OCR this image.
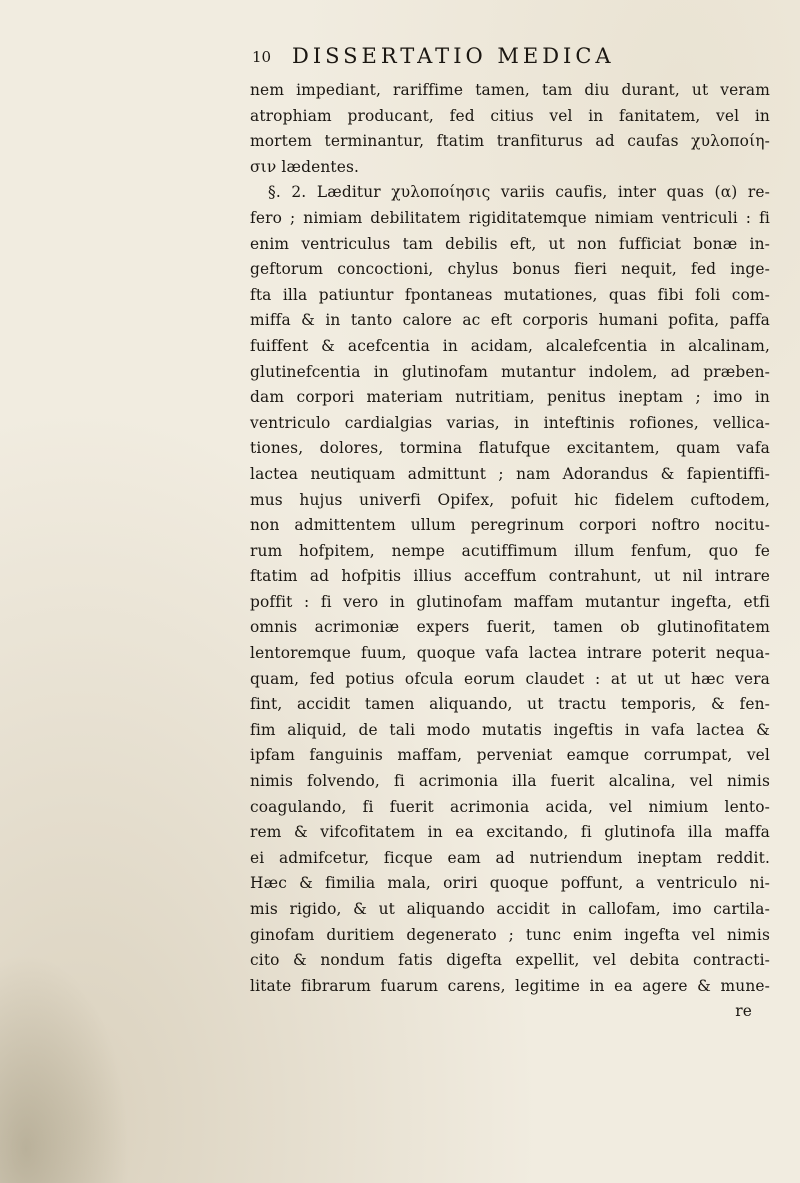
10 DISSERTATIO MEDICA
nem impediant, rariffime tamen, tam diu durant, ut veram
atrophiam producant, fed citius vel in fanitatem, vel in
mortem terminantur, ftatim tranfiturus ad caufas χυλοποίη-
σιν lædentes.
§. 2. Læditur χυλοποίησις variis caufis, inter quas (α) re-
fero ; nimiam debilitatem rigiditatemque nimiam ventriculi : fi
enim ventriculus tam debilis eft, ut non fufficiat bonæ in-
geftorum concoctioni, chylus bonus fieri nequit, fed inge-
fta illa patiuntur fpontaneas mutationes, quas fibi foli com-
miffa & in tanto calore ac eft corporis humani pofita, paffa
fuiffent & acefcentia in acidam, alcalefcentia in alcalinam,
glutinefcentia in glutinofam mutantur indolem, ad præben-
dam corpori materiam nutritiam, penitus ineptam ; imo in
ventriculo cardialgias varias, in inteftinis rofiones, vellica-
tiones, dolores, tormina flatufque excitantem, quam vafa
lactea neutiquam admittunt ; nam Adorandus & fapientiffi-
mus hujus univerfi Opifex, pofuit hic fidelem cuftodem,
non admittentem ullum peregrinum corpori noftro nocitu-
rum hofpitem, nempe acutiffimum illum fenfum, quo fe
ftatim ad hofpitis illius acceffum contrahunt, ut nil intrare
poffit : fi vero in glutinofam maffam mutantur ingefta, etfi
omnis acrimoniæ expers fuerit, tamen ob glutinofitatem
lentoremque fuum, quoque vafa lactea intrare poterit nequa-
quam, fed potius ofcula eorum claudet : at ut ut hæc vera
fint, accidit tamen aliquando, ut tractu temporis, & fen-
fim aliquid, de tali modo mutatis ingeftis in vafa lactea &
ipfam fanguinis maffam, perveniat eamque corrumpat, vel
nimis folvendo, fi acrimonia illa fuerit alcalina, vel nimis
coagulando, fi fuerit acrimonia acida, vel nimium lento-
rem & vifcofitatem in ea excitando, fi glutinofa illa maffa
ei admifcetur, ficque eam ad nutriendum ineptam reddit.
Hæc & fimilia mala, oriri quoque poffunt, a ventriculo ni-
mis rigido, & ut aliquando accidit in callofam, imo cartila-
ginofam duritiem degenerato ; tunc enim ingefta vel nimis
cito & nondum fatis digefta expellit, vel debita contracti-
litate fibrarum fuarum carens, legitime in ea agere & mune-
re
